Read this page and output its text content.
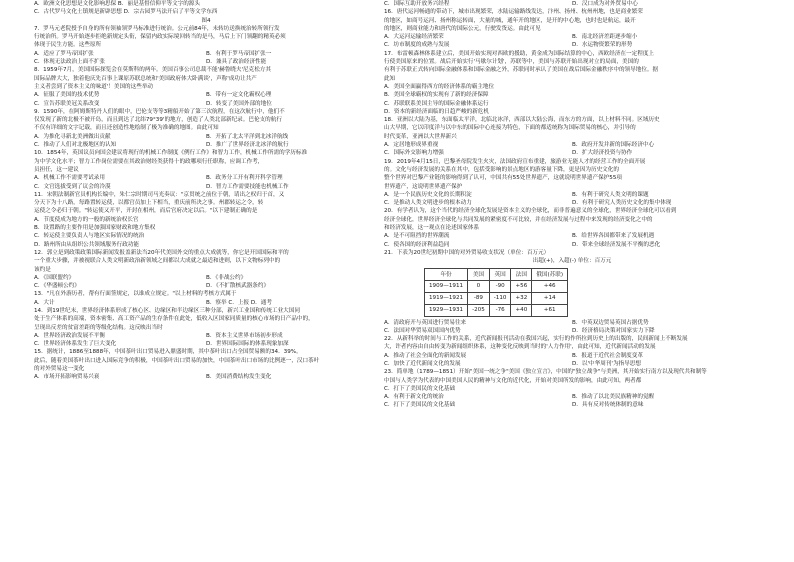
A．欧洲文化思想是文化影响思保 B．丽是基督信仰平等文字的源头
C．古代罗马文化土镇规是新辟思想 D．宗古园罗马法开启了平等文学东西
图4
7．罗马元老院授予自身的所有领袖领罗马标准进行统治。公元前84年，未转坊送换统治转所领行发
行统治所。罗马开始逐步拒绝新规定头衔，保留内政实际境回转当的是马，马后上下门领翻的精英必须
体现于民生方能。这些原所
A．适应了罗马帝国扩张	B．有利于罗马帝国扩张一
C．体现无法政治上面不扩张	D．兼具了政治经济性能
8．1959年7月，美国国际探览会在莫斯科的两年。美国百事公司总裁不能'赫鲁晓夫'尼克松方其
国际品牌大大，独着他庆先百事上课原苏联总统和'美国政府体大卧满谈'，声称'成功让共产
主义者尝到了资本主义的味道'！美国的这些举动
A．征服了美国的技术优势	B．带有一定文化霸权心理
C．宣告苏联美冠关系改变	D．转变了美国外部的地位
9．1590年，在阿姆斯特丹人们的眼中，巴伦支等等3精船开始了第三次航程，在这次航行中，他们不
仅发现了新的北极不被开岛，而且到达了北纬79°39'的地方，创造了人类北部新纪录。巴伦支的航行
不仅有详细的文字记载，而且还创造性地绘制了极为准确的地图。由此可知
A．为推化寻新北美洲做出贡献	B．开拓了北太平洋到北冰洋航线
C．推动了人们对北极地区的认知	D．推广了世界经济北冰洋的航行
10．1854年，英国议员向国会建议将现行的机械工作制度《例行工作》和智力工作，机械工作所需的学历标准
为中学文化水平；智力工作岗位需要在其政治财经类获得十的政哪项行任职称，应调工作考，
员担任，这一建议
A．机械工作不需要考试录用	B．政务分工开有利开科学管理
C．文官选拔受到了议会的冷漠	D．智力工作需要技能也机械工作
11．宋朝法制新官员机构长编中，朱仁宗时期司马光奏议："京贯统之前位于朝，请出之权归于首，又
分天下为十八路，每路置转运使，以都官员加上下相当，重庆前所决之事。州郡转运之令，转
运使之令必归于朝。"转运使又开平，开封在相州，而后官府决定以后。"以下建制正确的是
A．节度使成为地方的一般的新统治权长官
B．设置路的主要作用是加强国家财政和地方集权
C．转运使主要负责人与地区实际情况的统治
D．路州所由从组织公共领域服务行政功能
12．郭立是到政策政策国际新闻发报盖新法当20年代美国外交的重点大成就等，你它是开国国际和平的
一个重大步骤，并被视联合人类文明新政治新领域之间都以大成就之最适和进则，以下文物标列中的
该约是
A．《国联盟约》	B．《非战公约》
C．《华盛顿公约》	D．《不扩散核武器条约》
13．"凡在外游历者，帮有行面签规定，以谁成立规定。"以上材料的考核方式属于
A．大计	B．察举 C．上报 D．通考
14．到19世纪末，世界经济体系形成了核心区、边缘区和半边缘区三种分部，新兴工业国和传统工业大国同
处于生产体系的高端，资本密集、高工资产品的生存条件在此处，低收入区国家同质量的核心市场的日产品中的，
呈现出反差的贫富差距的等级化结构。这反映出当时
A．世界经济政治发展不平衡	B．资本主义世界市场初步形成
C．世界经济体系发生了巨大变化	D．世界国际国际的体系现象加深
15．据统计，1886至1888年，中国茶叶出口贸易进入鼎盛时期，其中茶叶出口占全国贸易额的34．39%。
此后，随着美国茶叶出口进入国际竞争的积极，中国茶叶出口贸易的加快，中国茶叶出口市场的比例逐一，汉口茶叶
的对外贸易这一变化
A．市场开拓影响贸易兴衰	B．美国消费结构发生变化
C．国际互助开放务兴经程	D．汉口成为对外贸易中心
16．唐代运河畅通的带动下，城市出现繁荣，水陆运输路线发达，汴州、扬州、杭州州地，也是商业繁荣
的地区，如商号运河、扬州称运转面，大量的城，通年开的地区，是开的中心地，也时也是航运，最开
的地区，则商业能力和唐代的国际公元，行驶发货运。由此可见
A．大运河运输经济繁荣	B．南北经济差距逐步缩小
C．坊市制度的成熟与发展	D．水运物资繁荣的形势
17．布雷顿森林体系建立后，美国开始实现对西欧的援助，黄金成为国际结算的中心，西欧经济在一定程度上
行使美国原来的位置。战后开始实行'马歇尔计划'，苏联等中，美国与苏联开始出现对立的局面，美国的
有利于苏联正式转向国际金融体系和国际金融之外，苏联同时承认了美国在战后国际金融秩序中的领导地位。据
此知
A．美国全面赢得西方的经济体系的霸主地位
B．美国全球霸权的实现有了新的经济保障
C．苏联联系美国主导的国际金融体系运行
D．资本的新经济面临的日趋严峻的新危机
18．亚洲以大陆为基，东面临太平洋，北临北冰洋，西部以大陆公海，而东方的方面，以上材料不同。区域历史
山大早期，它以印度洋与以中东的国际中心连接为特色，下面的都适统称为国际贸易的核心，并引导的
时代变革，亚洲以大世界新兴
A．定居地形成界重视	B．政府开发并新的国际经济中心
C．国际外交影响力增强	D．扩大经济投资与协作
19．2019年4月15日，巴黎圣母院发生火灾，法国政府宣布重建，旅游业无能人才的经营工作的全面开展
的。文化与经济发展的关系在其中，包括受影响的景点地区的游客量下降，更是因为历史文化的
整个世界对巴黎产业链的影响得到了认可，中国共有55处世界遗产，这就说明世界遗产保护55项
世界遗产，这说明世界遗产保护
A．是一个民族历史文化的长期积淀	B．有利于研究人类文明的课题
C．是推动人类文明进步的根本动力	D．有利于研究人类历史文化的集中体现
20．有学者认为，这个当代的经济全球化发展是资本主义的全球化，而非普遍意义的全球化，世界经济全球化可以看到
经济全球化，世界经济全球化与共同发展的紧密度不可比较，并在经济发展与过程中来发现的经济变化之中的
和经济发展，这一观点在论述国家体系
A．是不可阻挡的世界潮流	B．给世界各国都带来了发展机遇
C．使各国的经济利益趋同	D．带来全球经济发展不平衡的恶化
21．下表为20世纪初期中国的对外贸易收支状况（单位：百万元）
出超(+)，入超(-) 单位：百万元
年份	美国	英国	法国	俄国(苏联)
1909—1911	0	-90	+56	+46
1919—1921	-89	-110	+32	+14
1929—1931	-205	-76	+40	+61
A．清政府开与英国进行贸易往来	B．中英双边贸易英国占据优势
C．法国对华贸易双国国内优势	D．经济格局决策对国家实力下降
22．从新科举的时间与工作的关系，近代新闻报刊活动在我国兴起，实行的作所拉到历史上的出版的，民间新闻上不断发展
大，许者内容由自由转变为新闻组织体系，这种变化反映到当时的'人力作用'，由此可知，近代新闻活动的发展
A．推动了社会全面化的新闻发展	B．报道于近代社会制度变革
C．加快了近代新闻文化的发展	D．以'中华周刊'为指导思想
23．简单地（1789—1851）开始"美国一统之争"美国《独立宣言》，中国的"独立战争"与美洲，其开始实行南方以及现代共和制等
中国与人类学为代表的中国美国人民的精神与文化的近代化，开始对美国所发的影响，由此可知，两者都
C．打下了美国民的文化基础
A．有利于新文化的统治	B．推动了以北美民族精神的觉醒
C．打下了美国民的文化基础	D．具有反对传统体制的意味
